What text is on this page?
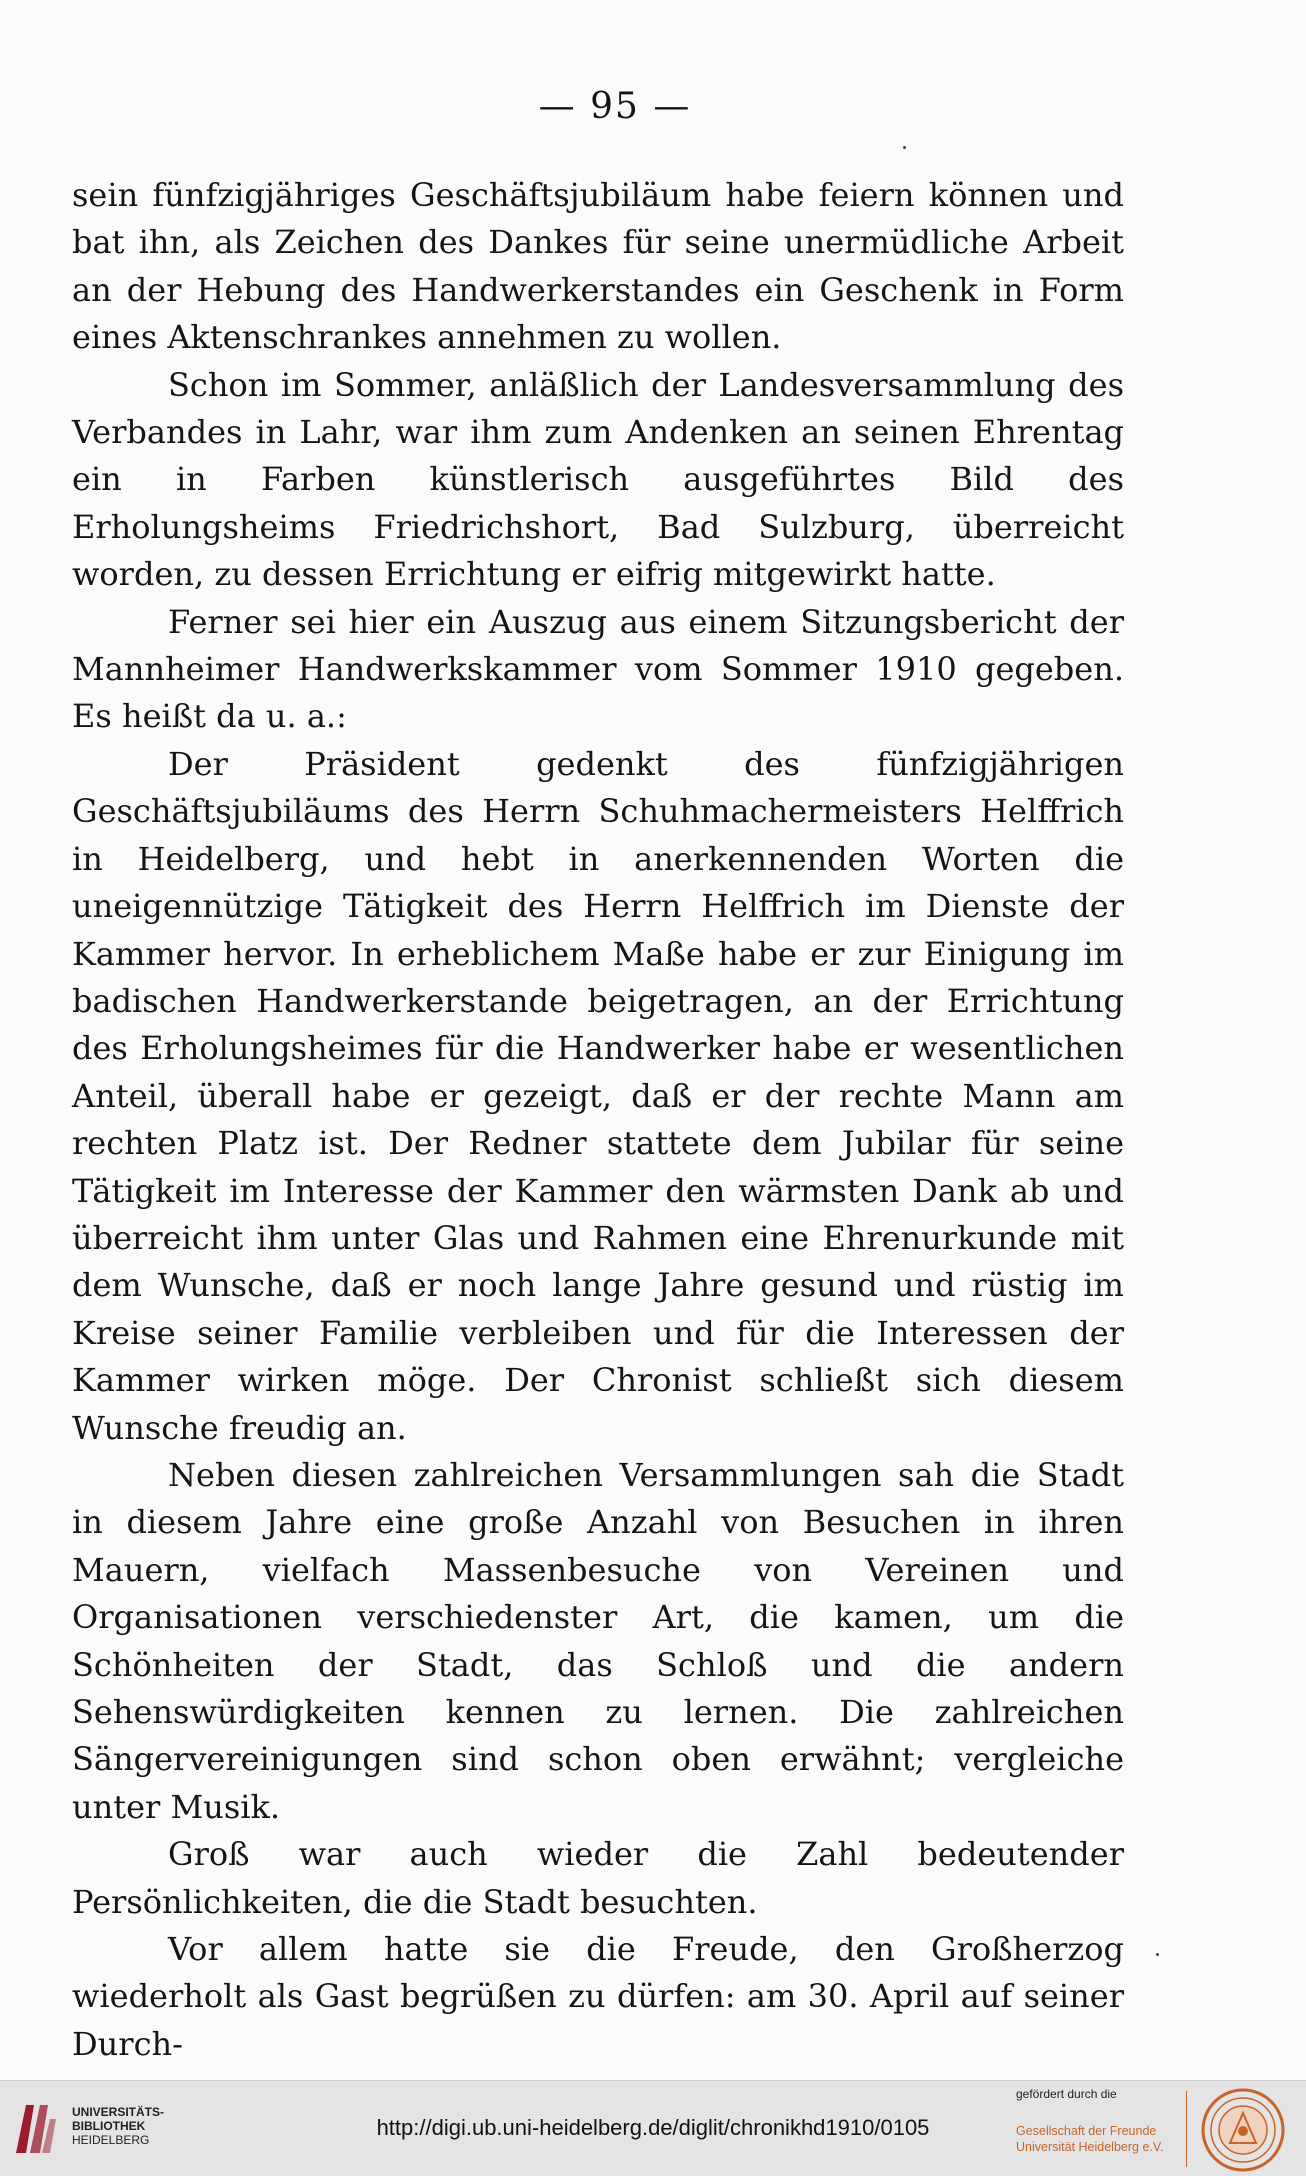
— 95 —

sein fünfzigjähriges Geschäftsjubiläum habe feiern können und bat ihn, als Zeichen des Dankes für seine unermüdliche Arbeit an der Hebung des Handwerkerstandes ein Geschenk in Form eines Aktenschrankes annehmen zu wollen.

Schon im Sommer, anläßlich der Landesversammlung des Verbandes in Lahr, war ihm zum Andenken an seinen Ehrentag ein in Farben künstlerisch ausgeführtes Bild des Erholungsheims Friedrichshort, Bad Sulzburg, überreicht worden, zu dessen Errichtung er eifrig mitgewirkt hatte.

Ferner sei hier ein Auszug aus einem Sitzungsbericht der Mannheimer Handwerkskammer vom Sommer 1910 gegeben. Es heißt da u. a.:

Der Präsident gedenkt des fünfzigjährigen Geschäftsjubiläums des Herrn Schuhmachermeisters Helffrich in Heidelberg, und hebt in anerkennenden Worten die uneigennützige Tätigkeit des Herrn Helffrich im Dienste der Kammer hervor. In erheblichem Maße habe er zur Einigung im badischen Handwerkerstande beigetragen, an der Errichtung des Erholungsheimes für die Handwerker habe er wesentlichen Anteil, überall habe er gezeigt, daß er der rechte Mann am rechten Platz ist. Der Redner stattete dem Jubilar für seine Tätigkeit im Interesse der Kammer den wärmsten Dank ab und überreicht ihm unter Glas und Rahmen eine Ehrenurkunde mit dem Wunsche, daß er noch lange Jahre gesund und rüstig im Kreise seiner Familie verbleiben und für die Interessen der Kammer wirken möge. Der Chronist schließt sich diesem Wunsche freudig an.

Neben diesen zahlreichen Versammlungen sah die Stadt in diesem Jahre eine große Anzahl von Besuchen in ihren Mauern, vielfach Massenbesuche von Vereinen und Organisationen verschiedenster Art, die kamen, um die Schönheiten der Stadt, das Schloß und die andern Sehenswürdigkeiten kennen zu lernen. Die zahlreichen Sängervereinigungen sind schon oben erwähnt; vergleiche unter Musik.

Groß war auch wieder die Zahl bedeutender Persönlichkeiten, die die Stadt besuchten.

Vor allem hatte sie die Freude, den Großherzog wiederholt als Gast begrüßen zu dürfen: am 30. April auf seiner Durch-

UNIVERSITÄTS-
BIBLIOTHEK
HEIDELBERG	http://digi.ub.uni-heidelberg.de/diglit/chronikhd1910/0105
gefördert durch die
Gesellschaft der Freunde
Universität Heidelberg e.V.
